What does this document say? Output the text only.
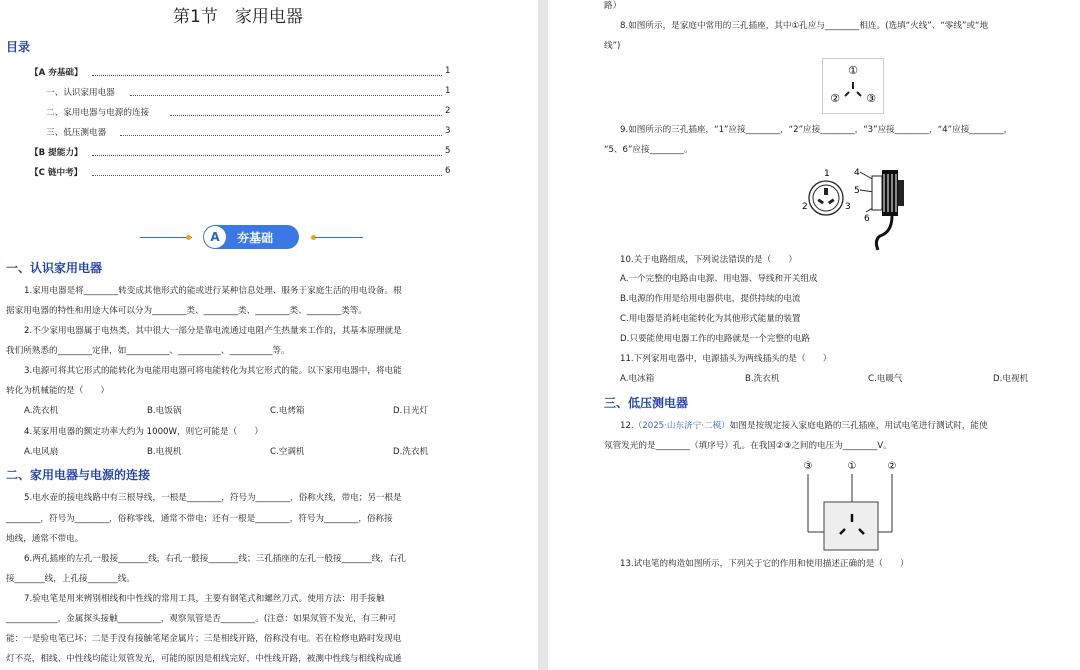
第1节　家用电器
目录
【A 夯基础】	1
一、认识家用电器	1
二、家用电器与电源的连接	2
三、低压测电器	3
【B 提能力】	5
【C 链中考】	6
A	夯基础
一、认识家用电器
1.家用电器是将________转变成其他形式的能或进行某种信息处理、服务于家庭生活的用电设备。根
据家用电器的特性和用途大体可以分为________类、________类、________类、________类等。
2.不少家用电器属于电热类，其中很大一部分是靠电流通过电阻产生热量来工作的，其基本原理就是
我们所熟悉的________定律，如__________、__________、__________等。
3.电源可将其它形式的能转化为电能用电器可将电能转化为其它形式的能。以下家用电器中，将电能
转化为机械能的是（　　）
A.洗衣机	B.电饭锅	C.电烤箱	D.日光灯
4.某家用电器的额定功率大约为 1000W，则它可能是（　　）
A.电风扇	B.电视机	C.空调机	D.洗衣机
二、家用电器与电源的连接
5.电水壶的接电线路中有三根导线，一根是________，符号为________，俗称火线，带电；另一根是
________，符号为________，俗称零线，通常不带电；还有一根是________，符号为________，俗称接
地线，通常不带电。
6.两孔插座的左孔一般接_______线，右孔一般接_______线；三孔插座的左孔一般接_______线，右孔
接_______线，上孔接_______线。
7.验电笔是用来辨别相线和中性线的常用工具，主要有钢笔式和螺丝刀式。使用方法：用手接触
____________，金属探头接触__________，观察氖管是否________。(注意：如果氖管不发光，有三种可
能：一是验电笔已坏；二是手没有接触笔尾金属片；三是相线开路，俗称没有电。若在检修电路时发现电
灯不亮，相线、中性线均能让氖管发光，可能的原因是相线完好，中性线开路，被测中性线与相线构成通
路）
8.如图所示，是家庭中常用的三孔插座，其中①孔应与________相连。(选填“火线”、“零线”或“地
线”)
①
② ③
9.如图所示的三孔插座，“1”应接________，“2”应接________，“3”应接________，“4”应接________，
“5、6”应接________。
1
2	3
4
5
6
10.关于电路组成，下列说法错误的是（　　）
A.一个完整的电路由电源、用电器、导线和开关组成
B.电源的作用是给用电器供电，提供持续的电流
C.用电器是消耗电能转化为其他形式能量的装置
D.只要能使用电器工作的电路就是一个完整的电路
11.下列家用电器中，电源插头为两线插头的是（　　）
A.电冰箱	B.洗衣机	C.电暖气	D.电视机
三、低压测电器
12.（2025·山东济宁·二模）如图是按规定接入家庭电路的三孔插座，用试电笔进行测试时，能使
氖管发光的是________（填序号）孔。在我国②③之间的电压为________V。
③	①	②
13.试电笔的构造如图所示，下列关于它的作用和使用描述正确的是（　　）
